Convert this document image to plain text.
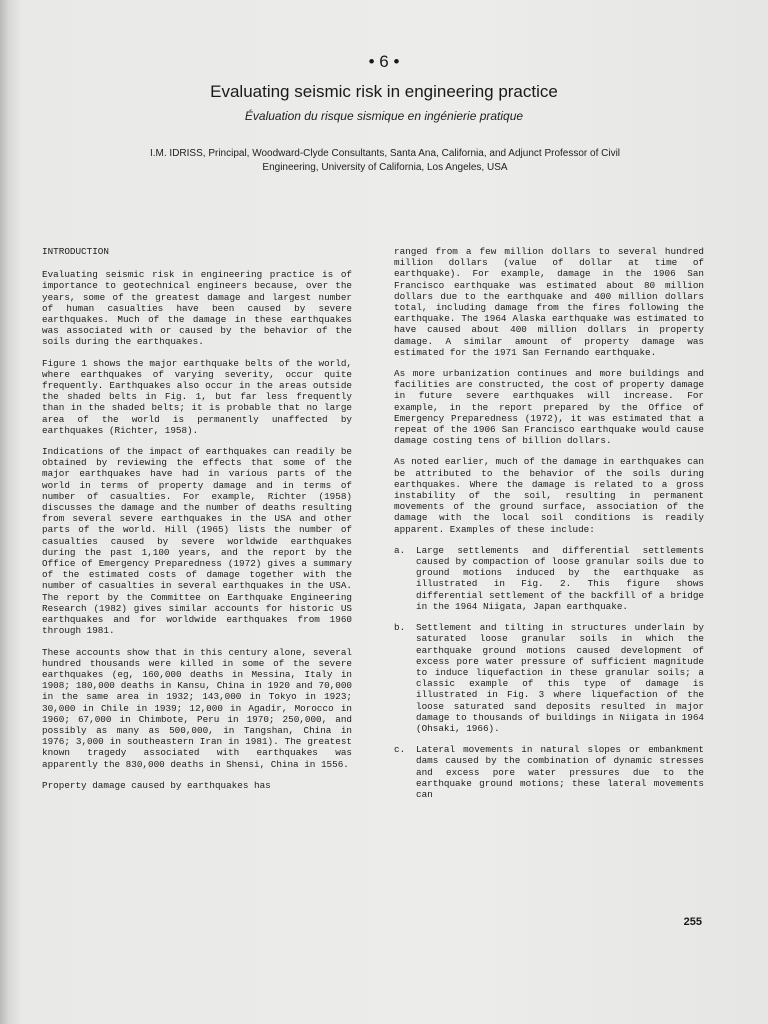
• 6 •
Evaluating seismic risk in engineering practice
Évaluation du risque sismique en ingénierie pratique
I.M. IDRISS, Principal, Woodward-Clyde Consultants, Santa Ana, California, and Adjunct Professor of Civil
Engineering, University of California, Los Angeles, USA
INTRODUCTION

Evaluating seismic risk in engineering practice is of importance to geotechnical engineers because, over the years, some of the greatest damage and largest number of human casualties have been caused by severe earthquakes. Much of the damage in these earthquakes was associated with or caused by the behavior of the soils during the earthquakes.

Figure 1 shows the major earthquake belts of the world, where earthquakes of varying severity, occur quite frequently. Earthquakes also occur in the areas outside the shaded belts in Fig. 1, but far less frequently than in the shaded belts; it is probable that no large area of the world is permanently unaffected by earthquakes (Richter, 1958).

Indications of the impact of earthquakes can readily be obtained by reviewing the effects that some of the major earthquakes have had in various parts of the world in terms of property damage and in terms of number of casualties. For example, Richter (1958) discusses the damage and the number of deaths resulting from several severe earthquakes in the USA and other parts of the world. Hill (1965) lists the number of casualties caused by severe worldwide earthquakes during the past 1,100 years, and the report by the Office of Emergency Preparedness (1972) gives a summary of the estimated costs of damage together with the number of casualties in several earthquakes in the USA. The report by the Committee on Earthquake Engineering Research (1982) gives similar accounts for historic US earthquakes and for worldwide earthquakes from 1960 through 1981.

These accounts show that in this century alone, several hundred thousands were killed in some of the severe earthquakes (eg, 160,000 deaths in Messina, Italy in 1908; 180,000 deaths in Kansu, China in 1920 and 70,000 in the same area in 1932; 143,000 in Tokyo in 1923; 30,000 in Chile in 1939; 12,000 in Agadir, Morocco in 1960; 67,000 in Chimbote, Peru in 1970; 250,000, and possibly as many as 500,000, in Tangshan, China in 1976; 3,000 in southeastern Iran in 1981). The greatest known tragedy associated with earthquakes was apparently the 830,000 deaths in Shensi, China in 1556.

Property damage caused by earthquakes has

ranged from a few million dollars to several hundred million dollars (value of dollar at time of earthquake). For example, damage in the 1906 San Francisco earthquake was estimated about 80 million dollars due to the earthquake and 400 million dollars total, including damage from the fires following the earthquake. The 1964 Alaska earthquake was estimated to have caused about 400 million dollars in property damage. A similar amount of property damage was estimated for the 1971 San Fernando earthquake.

As more urbanization continues and more buildings and facilities are constructed, the cost of property damage in future severe earthquakes will increase. For example, in the report prepared by the Office of Emergency Preparedness (1972), it was estimated that a repeat of the 1906 San Francisco earthquake would cause damage costing tens of billion dollars.

As noted earlier, much of the damage in earthquakes can be attributed to the behavior of the soils during earthquakes. Where the damage is related to a gross instability of the soil, resulting in permanent movements of the ground surface, association of the damage with the local soil conditions is readily apparent. Examples of these include:

a.	Large settlements and differential settlements caused by compaction of loose granular soils due to ground motions induced by the earthquake as illustrated in Fig. 2. This figure shows differential settlement of the backfill of a bridge in the 1964 Niigata, Japan earthquake.
b.	Settlement and tilting in structures underlain by saturated loose granular soils in which the earthquake ground motions caused development of excess pore water pressure of sufficient magnitude to induce liquefaction in these granular soils; a classic example of this type of damage is illustrated in Fig. 3 where liquefaction of the loose saturated sand deposits resulted in major damage to thousands of buildings in Niigata in 1964 (Ohsaki, 1966).
c.	Lateral movements in natural slopes or embankment dams caused by the combination of dynamic stresses and excess pore water pressures due to the earthquake ground motions; these lateral movements can
255
